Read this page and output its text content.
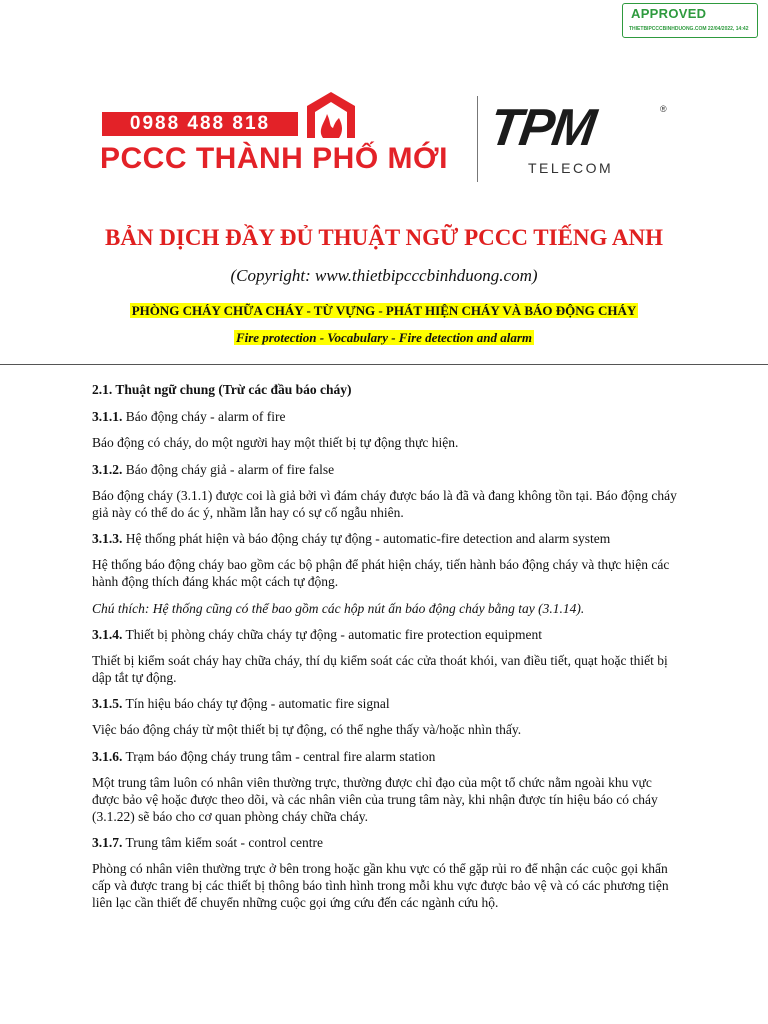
APPROVED
THIETBIPCCCBINHDUONG.COM 22/04/2022, 14:42
0988 488 818
PCCC THÀNH PHỐ MỚI
TPM	®
TELECOM
BẢN DỊCH ĐẦY ĐỦ THUẬT NGỮ PCCC TIẾNG ANH
(Copyright: www.thietbipcccbinhduong.com)
PHÒNG CHÁY CHỮA CHÁY - TỪ VỰNG - PHÁT HIỆN CHÁY VÀ BÁO ĐỘNG CHÁY
Fire protection - Vocabulary - Fire detection and alarm
2.1. Thuật ngữ chung (Trừ các đầu báo cháy)
3.1.1. Báo động cháy - alarm of fire
Báo động có cháy, do một người hay một thiết bị tự động thực hiện.
3.1.2. Báo động cháy giả - alarm of fire false
Báo động cháy (3.1.1) được coi là giả bởi vì đám cháy được báo là đã và đang không tồn tại. Báo động cháy giả này có thể do ác ý, nhầm lẫn hay có sự cố ngẫu nhiên.
3.1.3. Hệ thống phát hiện và báo động cháy tự động - automatic-fire detection and alarm system
Hệ thống báo động cháy bao gồm các bộ phận để phát hiện cháy, tiến hành báo động cháy và thực hiện các hành động thích đáng khác một cách tự động.
Chú thích: Hệ thống cũng có thể bao gồm các hộp nút ấn báo động cháy bằng tay (3.1.14).
3.1.4. Thiết bị phòng cháy chữa cháy tự động - automatic fire protection equipment
Thiết bị kiểm soát cháy hay chữa cháy, thí dụ kiểm soát các cửa thoát khói, van điều tiết, quạt hoặc thiết bị dập tắt tự động.
3.1.5. Tín hiệu báo cháy tự động - automatic fire signal
Việc báo động cháy từ một thiết bị tự động, có thể nghe thấy và/hoặc nhìn thấy.
3.1.6. Trạm báo động cháy trung tâm - central fire alarm station
Một trung tâm luôn có nhân viên thường trực, thường được chỉ đạo của một tổ chức nằm ngoài khu vực được bảo vệ hoặc được theo dõi, và các nhân viên của trung tâm này, khi nhận được tín hiệu báo có cháy (3.1.22) sẽ báo cho cơ quan phòng cháy chữa cháy.
3.1.7. Trung tâm kiểm soát - control centre
Phòng có nhân viên thường trực ở bên trong hoặc gần khu vực có thể gặp rủi ro để nhận các cuộc gọi khẩn cấp và được trang bị các thiết bị thông báo tình hình trong mỗi khu vực được bảo vệ và có các phương tiện liên lạc cần thiết để chuyển những cuộc gọi ứng cứu đến các ngành cứu hộ.
